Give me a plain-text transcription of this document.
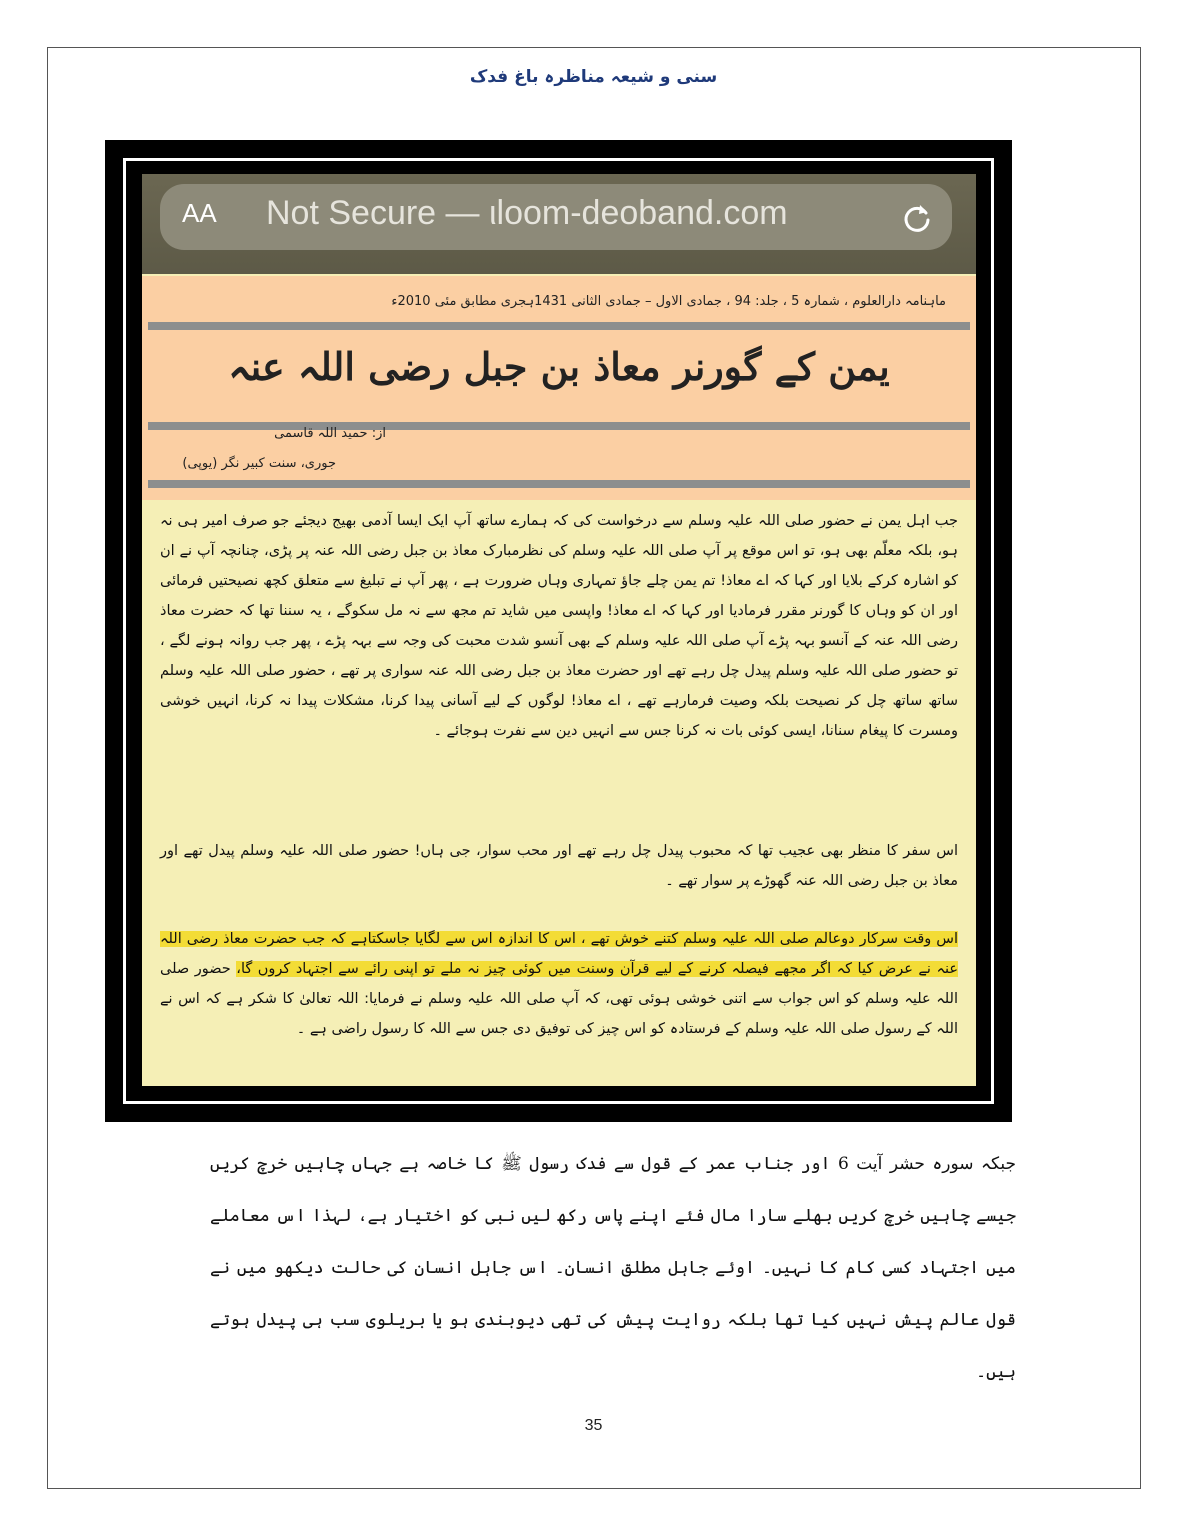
سنی و شیعہ مناظرہ باغ فدک
AA Not Secure — ιloom-deoband.com
ماہنامہ دارالعلوم ، شمارہ 5 ، جلد: 94 ، جمادی الاول – جمادی الثانی 1431ہجری مطابق مئی 2010ء
یمن کے گورنر معاذ بن جبل رضی اللہ عنہ
از: حمید اللہ قاسمی
جوری، سنت کبیر نگر (یوپی)
جب اہل یمن نے حضور صلی اللہ علیہ وسلم سے درخواست کی کہ ہمارے ساتھ آپ ایک ایسا آدمی بھیج دیجئے جو صرف امیر ہی نہ ہو، بلکہ معلّم بھی ہو، تو اس موقع پر آپ صلی اللہ علیہ وسلم کی نظرمبارک معاذ بن جبل رضی اللہ عنہ پر پڑی، چنانچہ آپ نے ان کو اشارہ کرکے بلایا اور کہا کہ اے معاذ! تم یمن چلے جاؤ تمہاری وہاں ضرورت ہے ، پھر آپ نے تبلیغ سے متعلق کچھ نصیحتیں فرمائی اور ان کو وہاں کا گورنر مقرر فرمادیا اور کہا کہ اے معاذ! واپسی میں شاید تم مجھ سے نہ مل سکوگے ، یہ سننا تھا کہ حضرت معاذ رضی اللہ عنہ کے آنسو بہہ پڑے آپ صلی اللہ علیہ وسلم کے بھی آنسو شدت محبت کی وجہ سے بہہ پڑے ، پھر جب روانہ ہونے لگے ، تو حضور صلی اللہ علیہ وسلم پیدل چل رہے تھے اور حضرت معاذ بن جبل رضی اللہ عنہ سواری پر تھے ، حضور صلی اللہ علیہ وسلم ساتھ ساتھ چل کر نصیحت بلکہ وصیت فرمارہے تھے ، اے معاذ! لوگوں کے لیے آسانی پیدا کرنا، مشکلات پیدا نہ کرنا، انہیں خوشی ومسرت کا پیغام سنانا، ایسی کوئی بات نہ کرنا جس سے انہیں دین سے نفرت ہوجائے ۔
اس سفر کا منظر بھی عجیب تھا کہ محبوب پیدل چل رہے تھے اور محب سوار، جی ہاں! حضور صلی اللہ علیہ وسلم پیدل تھے اور معاذ بن جبل رضی اللہ عنہ گھوڑے پر سوار تھے ۔
اس وقت سرکار دوعالم صلی اللہ علیہ وسلم کتنے خوش تھے ، اس کا اندازہ اس سے لگایا جاسکتاہے کہ جب حضرت معاذ رضی اللہ عنہ نے عرض کیا کہ اگر مجھے فیصلہ کرنے کے لیے قرآن وسنت میں کوئی چیز نہ ملے تو اپنی رائے سے اجتہاد کروں گا، حضور صلی اللہ علیہ وسلم کو اس جواب سے اتنی خوشی ہوئی تھی، کہ آپ صلی اللہ علیہ وسلم نے فرمایا: اللہ تعالیٰ کا شکر ہے کہ اس نے اللہ کے رسول صلی اللہ علیہ وسلم کے فرستادہ کو اس چیز کی توفیق دی جس سے اللہ کا رسول راضی ہے ۔
جبکہ سورہ حشر آیت 6 اور جناب عمر کے قول سے فدک رسول ﷺ کا خاصہ ہے جہاں چاہیں خرچ کریں جیسے چاہیں خرچ کریں بھلے سارا مال فئے اپنے پاس رکھ لیں نبی کو اختیار ہے، لہذا اس معاملے میں اجتہاد کسی کام کا نہیں۔ اوئے جاہل مطلق انسان۔ اس جاہل انسان کی حالت دیکھو میں نے قول عالم پیش نہیں کیا تھا بلکہ روایت پیش کی تھی دیوبندی ہو یا بریلوی سب ہی پیدل ہوتے ہیں۔
35
